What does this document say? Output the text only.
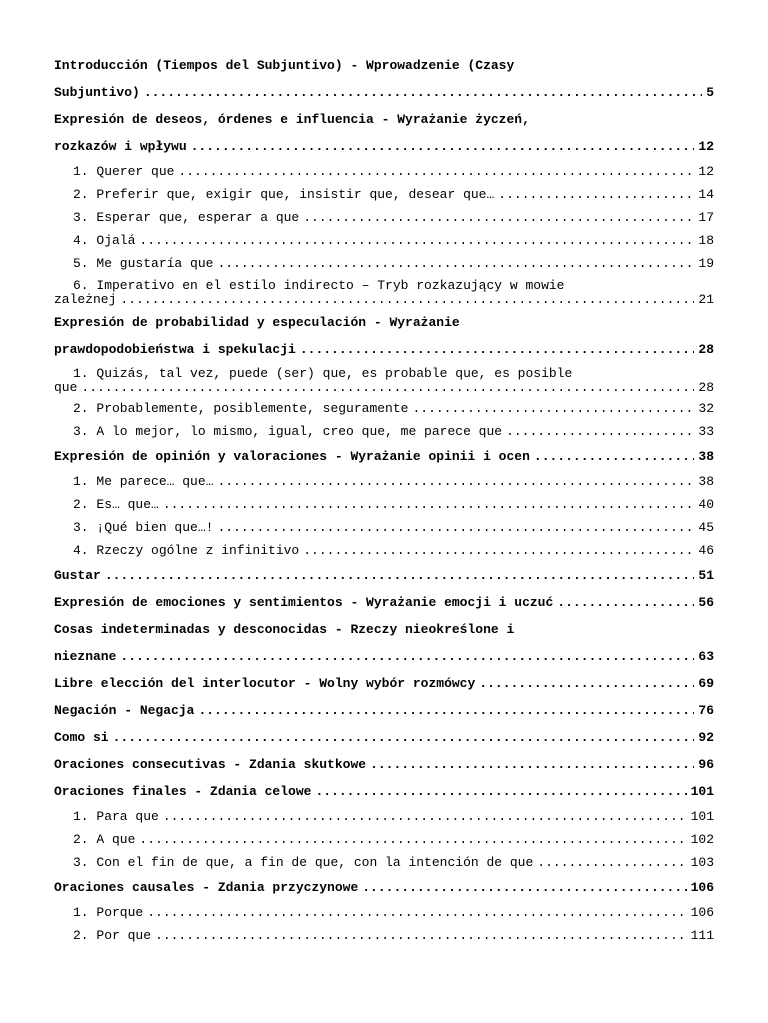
Introducción (Tiempos del Subjuntivo) - Wprowadzenie (Czasy
Subjuntivo) . . .	5
Expresión de deseos, órdenes e influencia - Wyrażanie życzeń,
rozkazów i wpływu . . .	12
1. Querer que . . .	12
2. Preferir que, exigir que, insistir que, desear que… . . .	14
3. Esperar que, esperar a que . . .	17
4. Ojalá . . .	18
5. Me gustaría que . . .	19
6. Imperativo en el estilo indirecto – Tryb rozkazujący w mowie
zależnej . . .	21
Expresión de probabilidad y especulación - Wyrażanie
prawdopodobieństwa i spekulacji . . .	28
1. Quizás, tal vez, puede (ser) que, es probable que, es posible
que . . .	28
2. Probablemente, posiblemente, seguramente . . .	32
3. A lo mejor, lo mismo, igual, creo que, me parece que . . .	33
Expresión de opinión y valoraciones - Wyrażanie opinii i ocen . . .	38
1. Me parece… que… . . .	38
2. Es… que… . . .	40
3. ¡Qué bien que…! . . .	45
4. Rzeczy ogólne z infinitivo . . .	46
Gustar . . .	51
Expresión de emociones y sentimientos - Wyrażanie emocji i uczuć . . .	56
Cosas indeterminadas y desconocidas - Rzeczy nieokreślone i
nieznane . . .	63
Libre elección del interlocutor - Wolny wybór rozmówcy . . .	69
Negación - Negacja . . .	76
Como si . . .	92
Oraciones consecutivas - Zdania skutkowe . . .	96
Oraciones finales - Zdania celowe . . .	101
1. Para que . . .	101
2. A que . . .	102
3. Con el fin de que, a fin de que, con la intención de que . . .	103
Oraciones causales - Zdania przyczynowe . . .	106
1. Porque . . .	106
2. Por que . . .	111
